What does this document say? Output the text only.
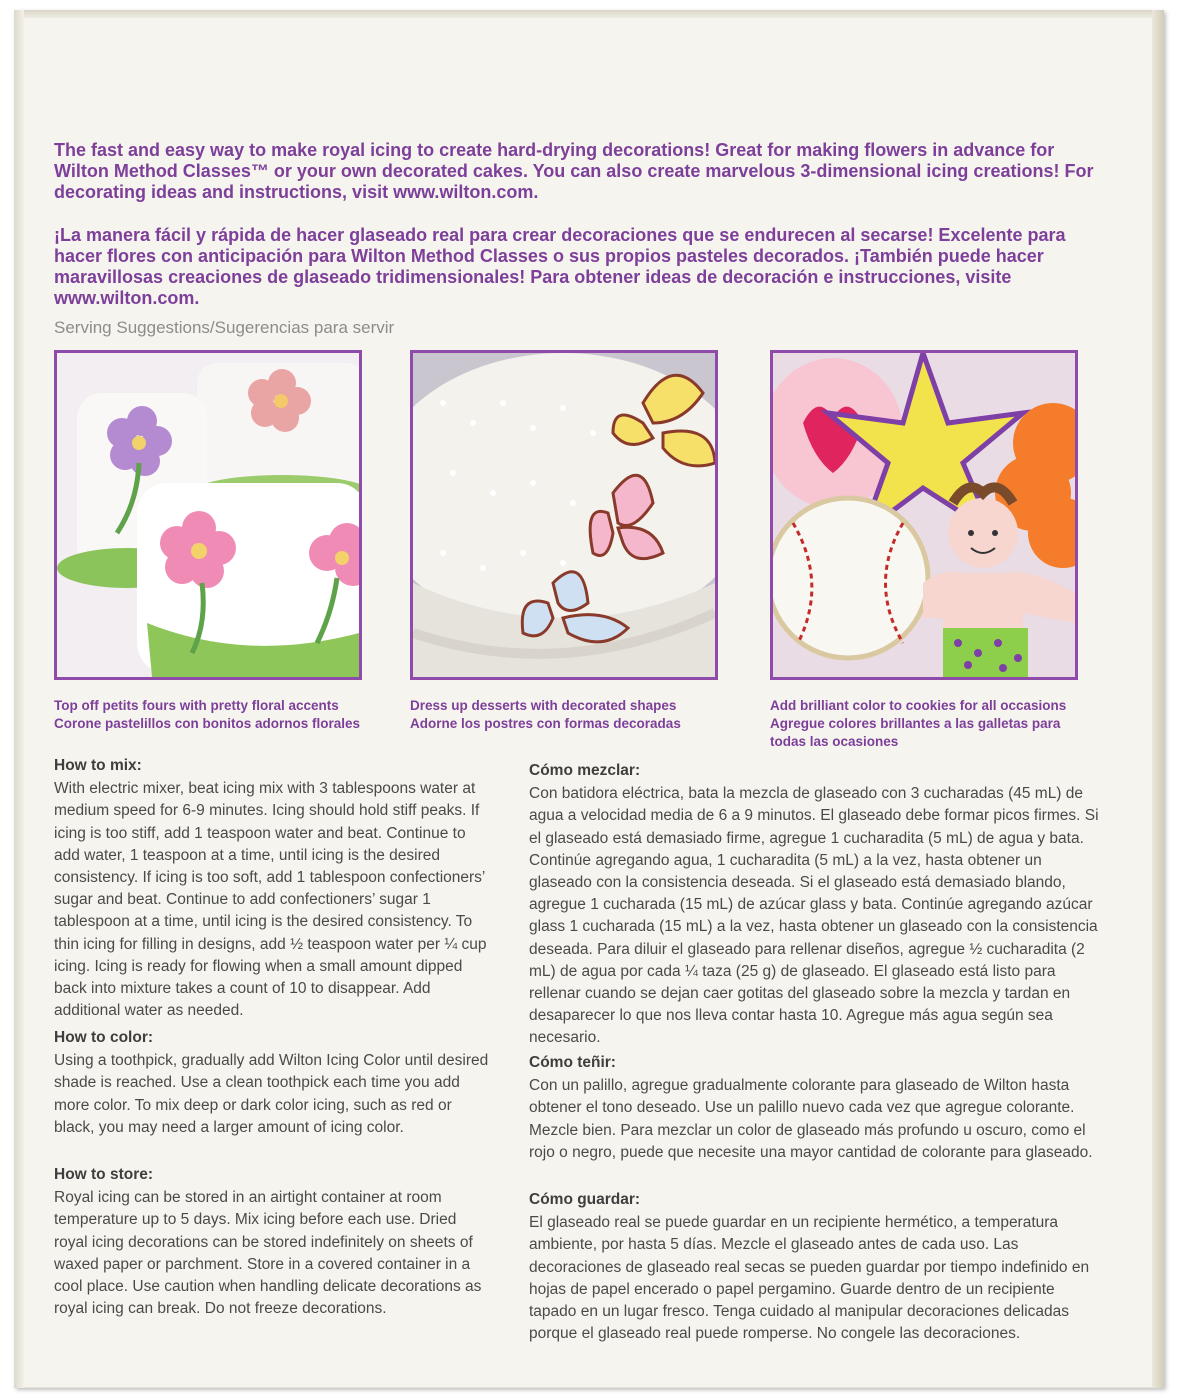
The fast and easy way to make royal icing to create hard-drying decorations! Great for making flowers in advance for Wilton Method Classes™ or your own decorated cakes. You can also create marvelous 3-dimensional icing creations! For decorating ideas and instructions, visit www.wilton.com.

¡La manera fácil y rápida de hacer glaseado real para crear decoraciones que se endurecen al secarse! Excelente para hacer flores con anticipación para Wilton Method Classes o sus propios pasteles decorados. ¡También puede hacer maravillosas creaciones de glaseado tridimensionales! Para obtener ideas de decoración e instrucciones, visite www.wilton.com.

Serving Suggestions/Sugerencias para servir
Top off petits fours with pretty floral accents
Corone pastelillos con bonitos adornos florales
Dress up desserts with decorated shapes
Adorne los postres con formas decoradas
Add brilliant color to cookies for all occasions
Agregue colores brillantes a las galletas para todas las ocasiones
How to mix:

With electric mixer, beat icing mix with 3 tablespoons water at medium speed for 6-9 minutes. Icing should hold stiff peaks. If icing is too stiff, add 1 teaspoon water and beat. Continue to add water, 1 teaspoon at a time, until icing is the desired consistency. If icing is too soft, add 1 tablespoon confectioners’ sugar and beat. Continue to add confectioners’ sugar 1 tablespoon at a time, until icing is the desired consistency. To thin icing for filling in designs, add ½ teaspoon water per ¼ cup icing. Icing is ready for flowing when a small amount dipped back into mixture takes a count of 10 to disappear. Add additional water as needed.

How to color:

Using a toothpick, gradually add Wilton Icing Color until desired shade is reached. Use a clean toothpick each time you add more color. To mix deep or dark color icing, such as red or black, you may need a larger amount of icing color.

How to store:

Royal icing can be stored in an airtight container at room temperature up to 5 days. Mix icing before each use. Dried royal icing decorations can be stored indefinitely on sheets of waxed paper or parchment. Store in a covered container in a cool place. Use caution when handling delicate decorations as royal icing can break. Do not freeze decorations.

Cómo mezclar:

Con batidora eléctrica, bata la mezcla de glaseado con 3 cucharadas (45 mL) de agua a velocidad media de 6 a 9 minutos. El glaseado debe formar picos firmes. Si el glaseado está demasiado firme, agregue 1 cucharadita (5 mL) de agua y bata. Continúe agregando agua, 1 cucharadita (5 mL) a la vez, hasta obtener un glaseado con la consistencia deseada. Si el glaseado está demasiado blando, agregue 1 cucharada (15 mL) de azúcar glass y bata. Continúe agregando azúcar glass 1 cucharada (15 mL) a la vez, hasta obtener un glaseado con la consistencia deseada. Para diluir el glaseado para rellenar diseños, agregue ½ cucharadita (2 mL) de agua por cada ¼ taza (25 g) de glaseado. El glaseado está listo para rellenar cuando se dejan caer gotitas del glaseado sobre la mezcla y tardan en desaparecer lo que nos lleva contar hasta 10. Agregue más agua según sea necesario.

Cómo teñir:

Con un palillo, agregue gradualmente colorante para glaseado de Wilton hasta obtener el tono deseado. Use un palillo nuevo cada vez que agregue colorante. Mezcle bien. Para mezclar un color de glaseado más profundo u oscuro, como el rojo o negro, puede que necesite una mayor cantidad de colorante para glaseado.

Cómo guardar:

El glaseado real se puede guardar en un recipiente hermético, a temperatura ambiente, por hasta 5 días. Mezcle el glaseado antes de cada uso. Las decoraciones de glaseado real secas se pueden guardar por tiempo indefinido en hojas de papel encerado o papel pergamino. Guarde dentro de un recipiente tapado en un lugar fresco. Tenga cuidado al manipular decoraciones delicadas porque el glaseado real puede romperse. No congele las decoraciones.
